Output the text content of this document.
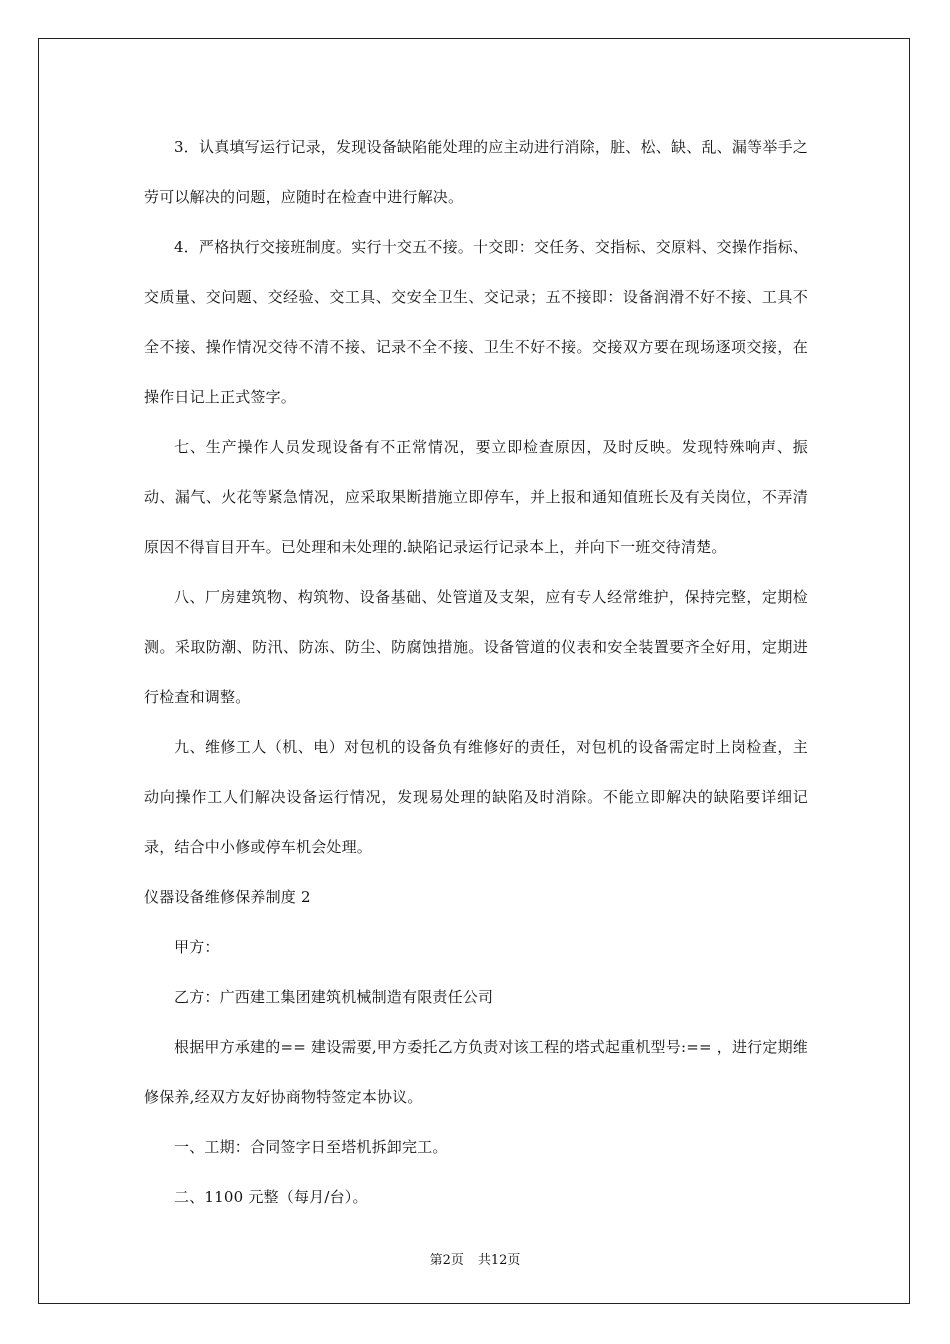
3．认真填写运行记录，发现设备缺陷能处理的应主动进行消除，脏、松、缺、乱、漏等举手之劳可以解决的问题，应随时在检查中进行解决。

4．严格执行交接班制度。实行十交五不接。十交即：交任务、交指标、交原料、交操作指标、交质量、交问题、交经验、交工具、交安全卫生、交记录；五不接即：设备润滑不好不接、工具不全不接、操作情况交待不清不接、记录不全不接、卫生不好不接。交接双方要在现场逐项交接，在操作日记上正式签字。

七、生产操作人员发现设备有不正常情况，要立即检查原因，及时反映。发现特殊响声、振动、漏气、火花等紧急情况，应采取果断措施立即停车，并上报和通知值班长及有关岗位，不弄清原因不得盲目开车。已处理和未处理的.缺陷记录运行记录本上，并向下一班交待清楚。

八、厂房建筑物、构筑物、设备基础、处管道及支架，应有专人经常维护，保持完整，定期检测。采取防潮、防汛、防冻、防尘、防腐蚀措施。设备管道的仪表和安全装置要齐全好用，定期进行检查和调整。

九、维修工人（机、电）对包机的设备负有维修好的责任，对包机的设备需定时上岗检查，主动向操作工人们解决设备运行情况，发现易处理的缺陷及时消除。不能立即解决的缺陷要详细记录，结合中小修或停车机会处理。

仪器设备维修保养制度 2

甲方：

乙方：广西建工集团建筑机械制造有限责任公司

根据甲方承建的== 建设需要,甲方委托乙方负责对该工程的塔式起重机型号:== ，进行定期维修保养,经双方友好协商物特签定本协议。

一、工期：合同签字日至塔机拆卸完工。

二、1100 元整（每月/台）。

第2页 共12页
